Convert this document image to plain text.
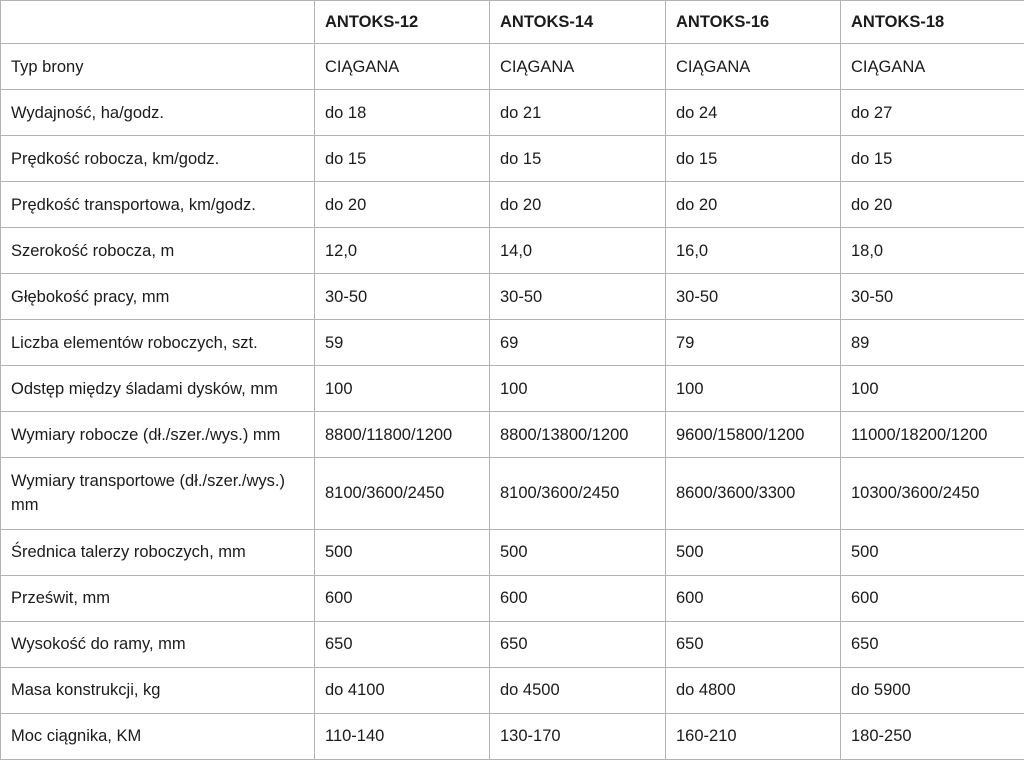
	ANTOKS-12	ANTOKS-14	ANTOKS-16	ANTOKS-18
Typ brony	CIĄGANA	CIĄGANA	CIĄGANA	CIĄGANA
Wydajność, ha/godz.	do 18	do 21	do 24	do 27
Prędkość robocza, km/godz.	do 15	do 15	do 15	do 15
Prędkość transportowa, km/godz.	do 20	do 20	do 20	do 20
Szerokość robocza, m	12,0	14,0	16,0	18,0
Głębokość pracy, mm	30-50	30-50	30-50	30-50
Liczba elementów roboczych, szt.	59	69	79	89
Odstęp między śladami dysków, mm	100	100	100	100
Wymiary robocze (dł./szer./wys.) mm	8800/11800/1200	8800/13800/1200	9600/15800/1200	11000/18200/1200
Wymiary transportowe (dł./szer./wys.) mm	8100/3600/2450	8100/3600/2450	8600/3600/3300	10300/3600/2450
Średnica talerzy roboczych, mm	500	500	500	500
Prześwit, mm	600	600	600	600
Wysokość do ramy, mm	650	650	650	650
Masa konstrukcji, kg	do 4100	do 4500	do 4800	do 5900
Moc ciągnika, KM	110-140	130-170	160-210	180-250
